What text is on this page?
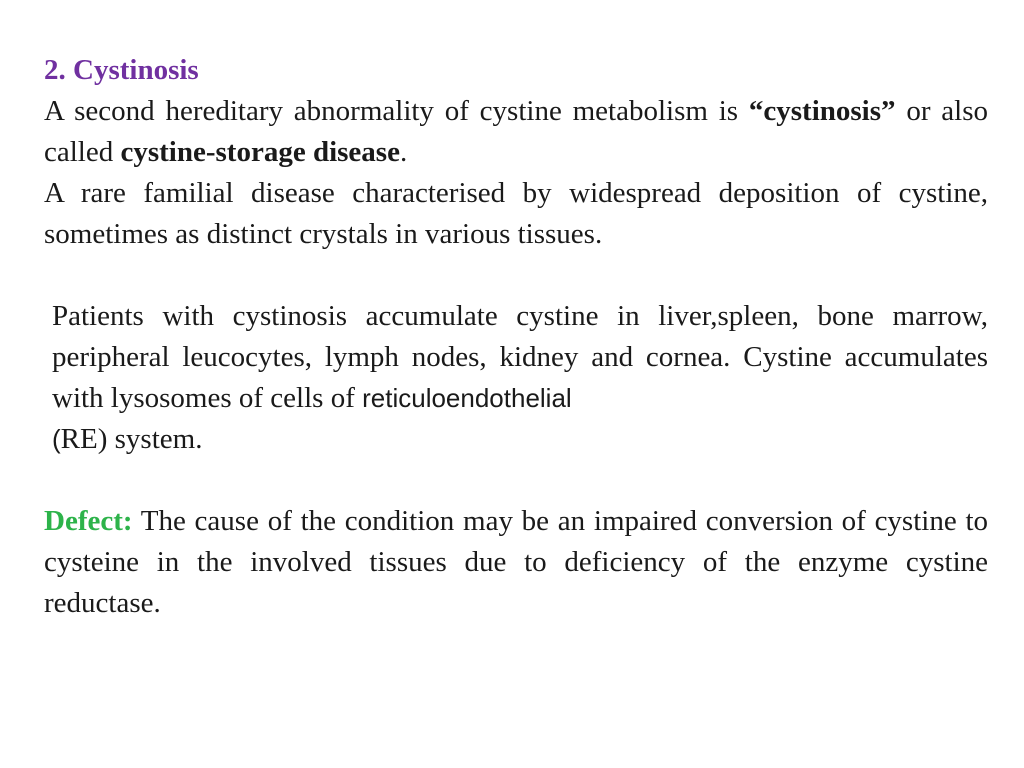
2. Cystinosis

A second hereditary abnormality of cystine metabolism is “cystinosis” or also called cystine-storage disease.

A rare familial disease characterised by widespread deposition of cystine, sometimes as distinct crystals in various tissues.

Patients with cystinosis accumulate cystine in liver,spleen, bone marrow, peripheral leucocytes, lymph nodes, kidney and cornea. Cystine accumulates with lysosomes of cells of reticuloendothelial
(RE) system.

Defect: The cause of the condition may be an impaired conversion of cystine to cysteine in the involved tissues due to deficiency of the enzyme cystine reductase.
